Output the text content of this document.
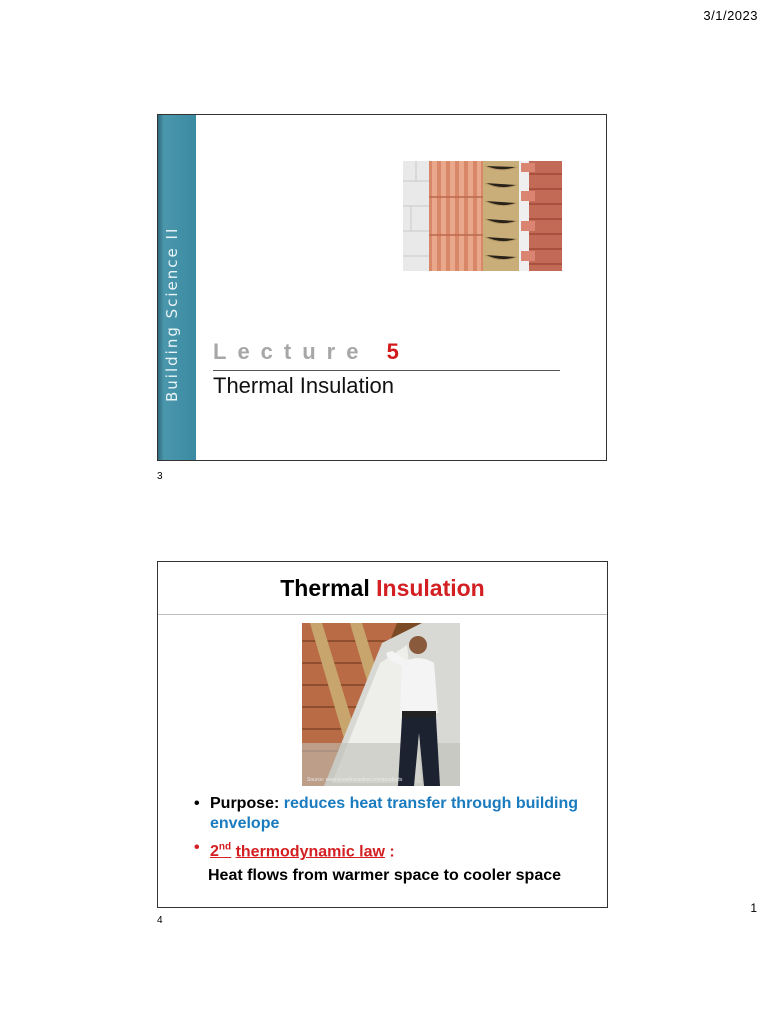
3/1/2023
Building Science II Lecture 5
Thermal Insulation
3
Thermal Insulation
Source: www.knaufinsulation.com/products
• Purpose: reduces heat transfer through building envelope
• 2nd thermodynamic law :
Heat flows from warmer space to cooler space
4
1
